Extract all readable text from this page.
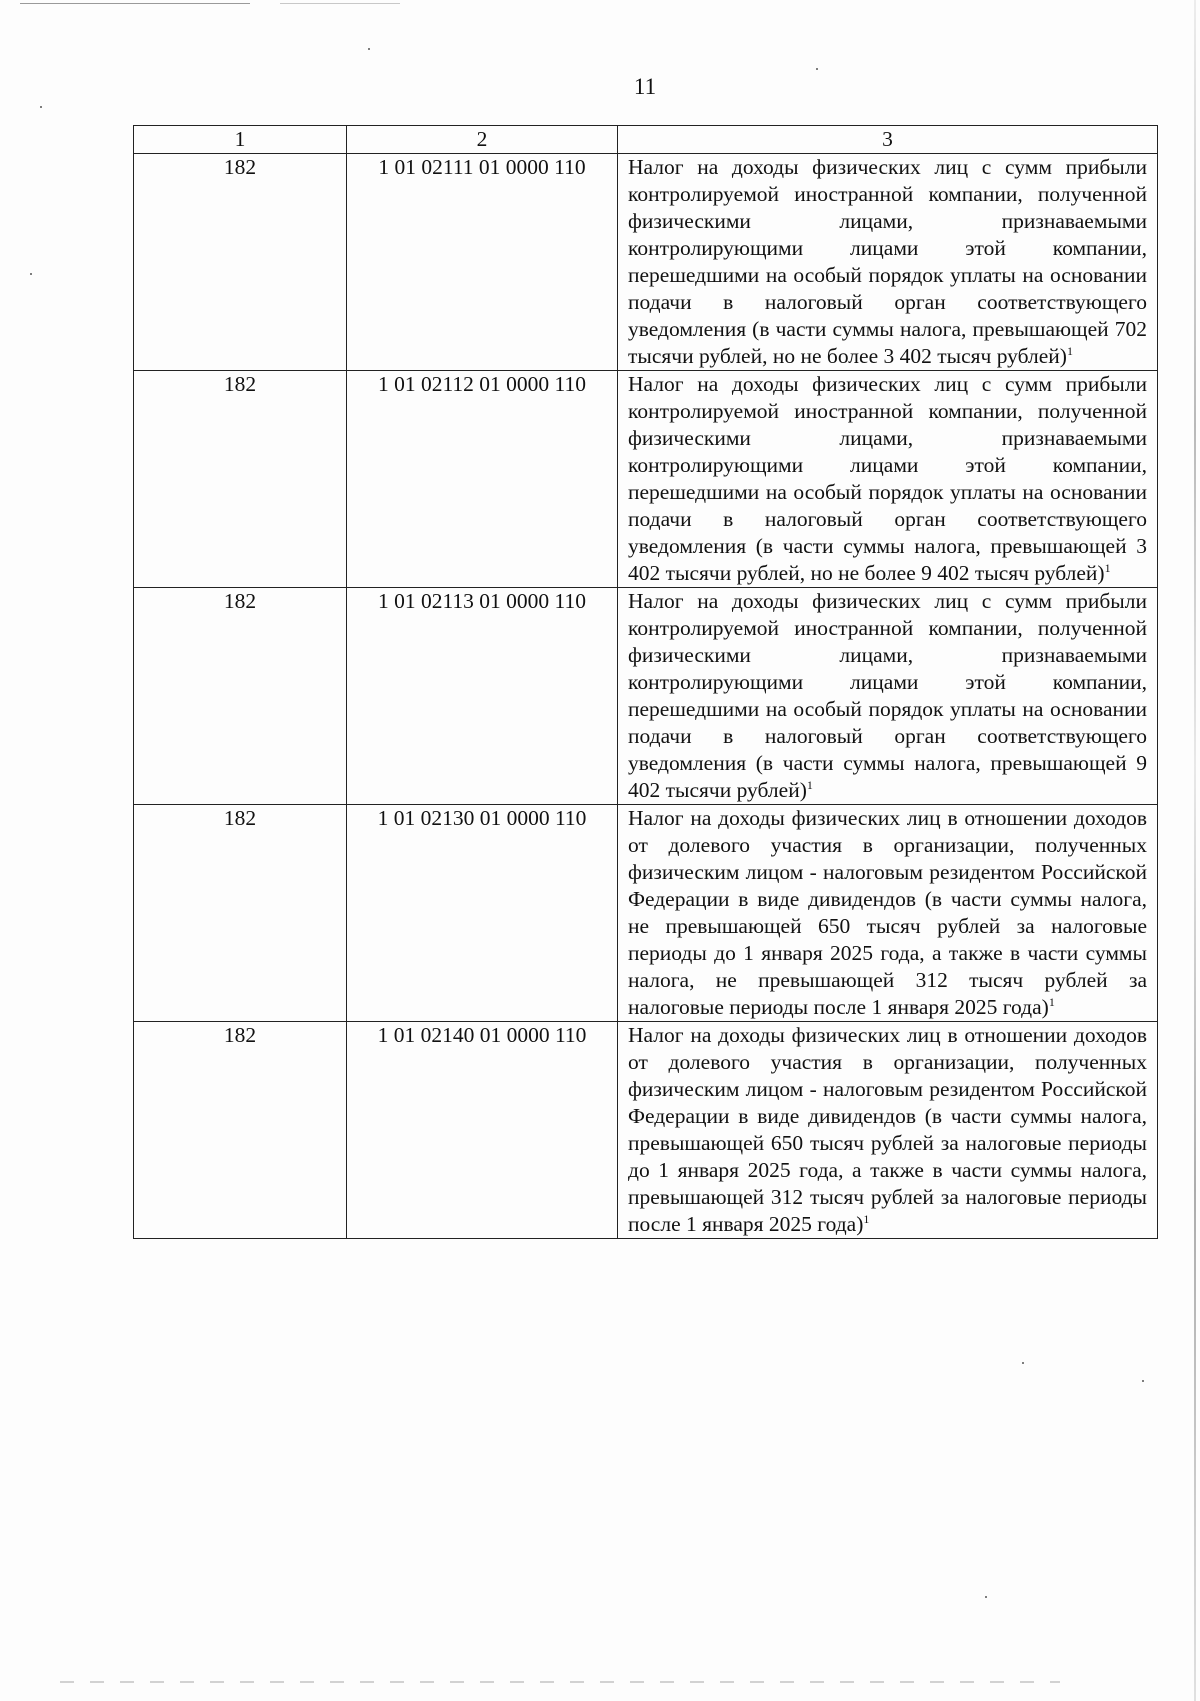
11
1	2	3
182	1 01 02111 01 0000 110	Налог на доходы физических лиц с сумм прибыли контролируемой иностранной компании, полученной физическими лицами, признаваемыми контролирующими лицами этой компании, перешедшими на особый порядок уплаты на основании подачи в налоговый орган соответствующего уведомления (в части суммы налога, превышающей 702 тысячи рублей, но не более 3 402 тысяч рублей)$^1$
182	1 01 02112 01 0000 110	Налог на доходы физических лиц с сумм прибыли контролируемой иностранной компании, полученной физическими лицами, признаваемыми контролирующими лицами этой компании, перешедшими на особый порядок уплаты на основании подачи в налоговый орган соответствующего уведомления (в части суммы налога, превышающей 3 402 тысячи рублей, но не более 9 402 тысяч рублей)$^1$
182	1 01 02113 01 0000 110	Налог на доходы физических лиц с сумм прибыли контролируемой иностранной компании, полученной физическими лицами, признаваемыми контролирующими лицами этой компании, перешедшими на особый порядок уплаты на основании подачи в налоговый орган соответствующего уведомления (в части суммы налога, превышающей 9 402 тысячи рублей)$^1$
182	1 01 02130 01 0000 110	Налог на доходы физических лиц в отношении доходов от долевого участия в организации, полученных физическим лицом - налоговым резидентом Российской Федерации в виде дивидендов (в части суммы налога, не превышающей 650 тысяч рублей за налоговые периоды до 1 января 2025 года, а также в части суммы налога, не превышающей 312 тысяч рублей за налоговые периоды после 1 января 2025 года)$^1$
182	1 01 02140 01 0000 110	Налог на доходы физических лиц в отношении доходов от долевого участия в организации, полученных физическим лицом - налоговым резидентом Российской Федерации в виде дивидендов (в части суммы налога, превышающей 650 тысяч рублей за налоговые периоды до 1 января 2025 года, а также в части суммы налога, превышающей 312 тысяч рублей за налоговые периоды после 1 января 2025 года)$^1$
